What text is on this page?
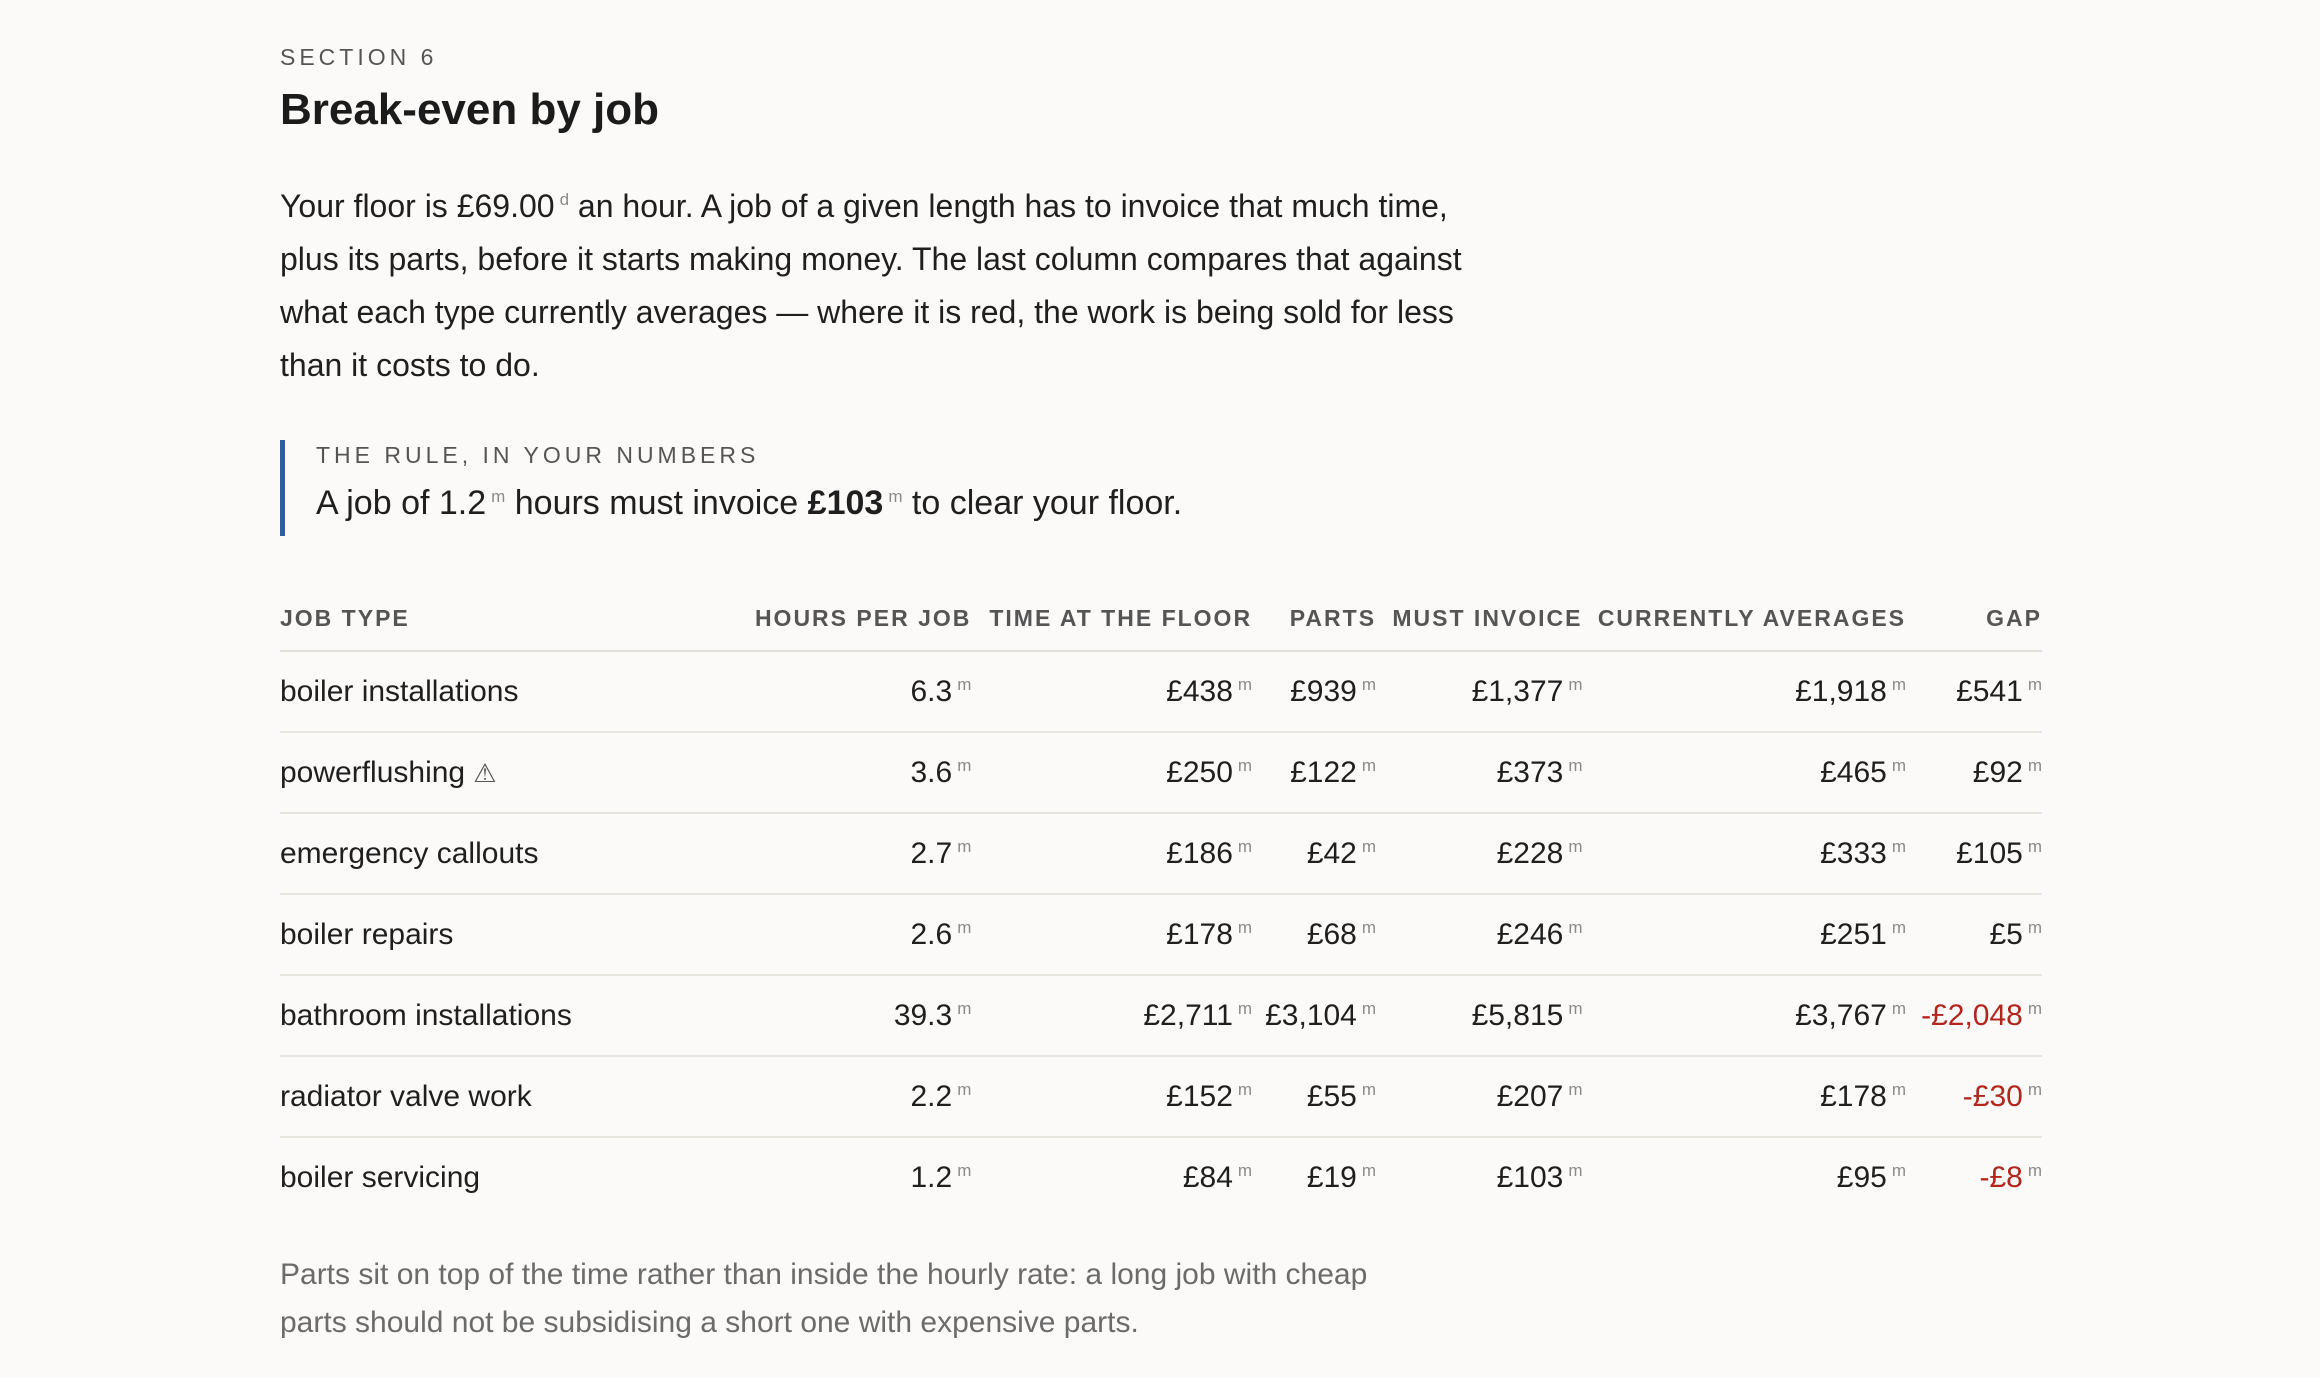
SECTION 6

Break-even by job

Your floor is £69.00 $^d$ an hour. A job of a given length has to invoice that much time, plus its parts, before it starts making money. The last column compares that against what each type currently averages — where it is red, the work is being sold for less than it costs to do.

THE RULE, IN YOUR NUMBERS
A job of 1.2 $^m$ hours must invoice £103 $^m$ to clear your floor.
JOB TYPE	HOURS PER JOB	TIME AT THE FLOOR	PARTS	MUST INVOICE	CURRENTLY AVERAGES	GAP
boiler installations	6.3 $^m$	£438 $^m$	£939 $^m$	£1,377 $^m$	£1,918 $^m$	£541 $^m$
powerflushing ⚠	3.6 $^m$	£250 $^m$	£122 $^m$	£373 $^m$	£465 $^m$	£92 $^m$
emergency callouts	2.7 $^m$	£186 $^m$	£42 $^m$	£228 $^m$	£333 $^m$	£105 $^m$
boiler repairs	2.6 $^m$	£178 $^m$	£68 $^m$	£246 $^m$	£251 $^m$	£5 $^m$
bathroom installations	39.3 $^m$	£2,711 $^m$	£3,104 $^m$	£5,815 $^m$	£3,767 $^m$	-£2,048 $^m$
radiator valve work	2.2 $^m$	£152 $^m$	£55 $^m$	£207 $^m$	£178 $^m$	-£30 $^m$
boiler servicing	1.2 $^m$	£84 $^m$	£19 $^m$	£103 $^m$	£95 $^m$	-£8 $^m$

Parts sit on top of the time rather than inside the hourly rate: a long job with cheap parts should not be subsidising a short one with expensive parts.
